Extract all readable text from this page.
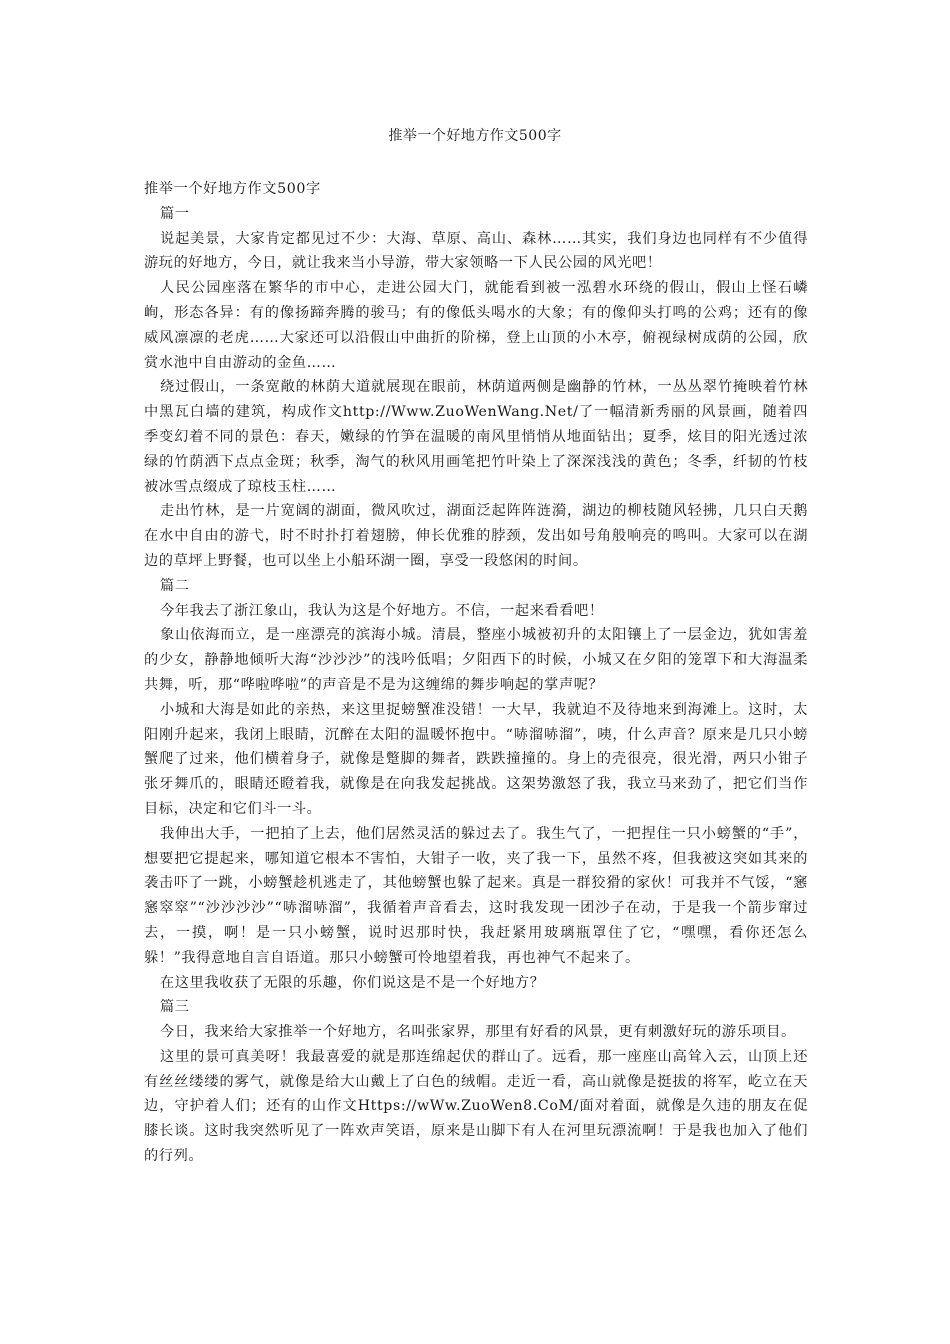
推举一个好地方作文500字

推举一个好地方作文500字

篇一

说起美景，大家肯定都见过不少：大海、草原、高山、森林……其实，我们身边也同样有不少值得游玩的好地方，今日，就让我来当小导游，带大家领略一下人民公园的风光吧！

人民公园座落在繁华的市中心，走进公园大门，就能看到被一泓碧水环绕的假山，假山上怪石嶙峋，形态各异：有的像扬蹄奔腾的骏马；有的像低头喝水的大象；有的像仰头打鸣的公鸡；还有的像威风凛凛的老虎……大家还可以沿假山中曲折的阶梯，登上山顶的小木亭，俯视绿树成荫的公园，欣赏水池中自由游动的金鱼……

绕过假山，一条宽敞的林荫大道就展现在眼前，林荫道两侧是幽静的竹林，一丛丛翠竹掩映着竹林中黑瓦白墙的建筑，构成作文http://Www.ZuoWenWang.Net/了一幅清新秀丽的风景画，随着四季变幻着不同的景色：春天，嫩绿的竹笋在温暖的南风里悄悄从地面钻出；夏季，炫目的阳光透过浓绿的竹荫洒下点点金斑；秋季，淘气的秋风用画笔把竹叶染上了深深浅浅的黄色；冬季，纤韧的竹枝被冰雪点缀成了琼枝玉柱……

走出竹林，是一片宽阔的湖面，微风吹过，湖面泛起阵阵涟漪，湖边的柳枝随风轻拂，几只白天鹅在水中自由的游弋，时不时扑打着翅膀，伸长优雅的脖颈，发出如号角般响亮的鸣叫。大家可以在湖边的草坪上野餐，也可以坐上小船环湖一圈，享受一段悠闲的时间。

篇二

今年我去了浙江象山，我认为这是个好地方。不信，一起来看看吧！

象山依海而立，是一座漂亮的滨海小城。清晨，整座小城被初升的太阳镶上了一层金边，犹如害羞的少女，静静地倾听大海“沙沙沙”的浅吟低唱；夕阳西下的时候，小城又在夕阳的笼罩下和大海温柔共舞，听，那“哗啦哗啦”的声音是不是为这缠绵的舞步响起的掌声呢？

小城和大海是如此的亲热，来这里捉螃蟹准没错！一大早，我就迫不及待地来到海滩上。这时，太阳刚升起来，我闭上眼睛，沉醉在太阳的温暖怀抱中。“哧溜哧溜”，咦，什么声音？原来是几只小螃蟹爬了过来，他们横着身子，就像是蹩脚的舞者，跌跌撞撞的。身上的壳很亮，很光滑，两只小钳子张牙舞爪的，眼睛还瞪着我，就像是在向我发起挑战。这架势激怒了我，我立马来劲了，把它们当作目标，决定和它们斗一斗。

我伸出大手，一把拍了上去，他们居然灵活的躲过去了。我生气了，一把捏住一只小螃蟹的“手”，想要把它提起来，哪知道它根本不害怕，大钳子一收，夹了我一下，虽然不疼，但我被这突如其来的袭击吓了一跳，小螃蟹趁机逃走了，其他螃蟹也躲了起来。真是一群狡猾的家伙！可我并不气馁，“窸窸窣窣”“沙沙沙沙”“哧溜哧溜”，我循着声音看去，这时我发现一团沙子在动，于是我一个箭步窜过去，一摸，啊！是一只小螃蟹，说时迟那时快，我赶紧用玻璃瓶罩住了它，“嘿嘿，看你还怎么躲！”我得意地自言自语道。那只小螃蟹可怜地望着我，再也神气不起来了。

在这里我收获了无限的乐趣，你们说这是不是一个好地方？

篇三

今日，我来给大家推举一个好地方，名叫张家界，那里有好看的风景，更有刺激好玩的游乐项目。

这里的景可真美呀！我最喜爱的就是那连绵起伏的群山了。远看，那一座座山高耸入云，山顶上还有丝丝缕缕的雾气，就像是给大山戴上了白色的绒帽。走近一看，高山就像是挺拔的将军，屹立在天边，守护着人们；还有的山作文Https://wWw.ZuoWen8.CoM/面对着面，就像是久违的朋友在促膝长谈。这时我突然听见了一阵欢声笑语，原来是山脚下有人在河里玩漂流啊！于是我也加入了他们的行列。
